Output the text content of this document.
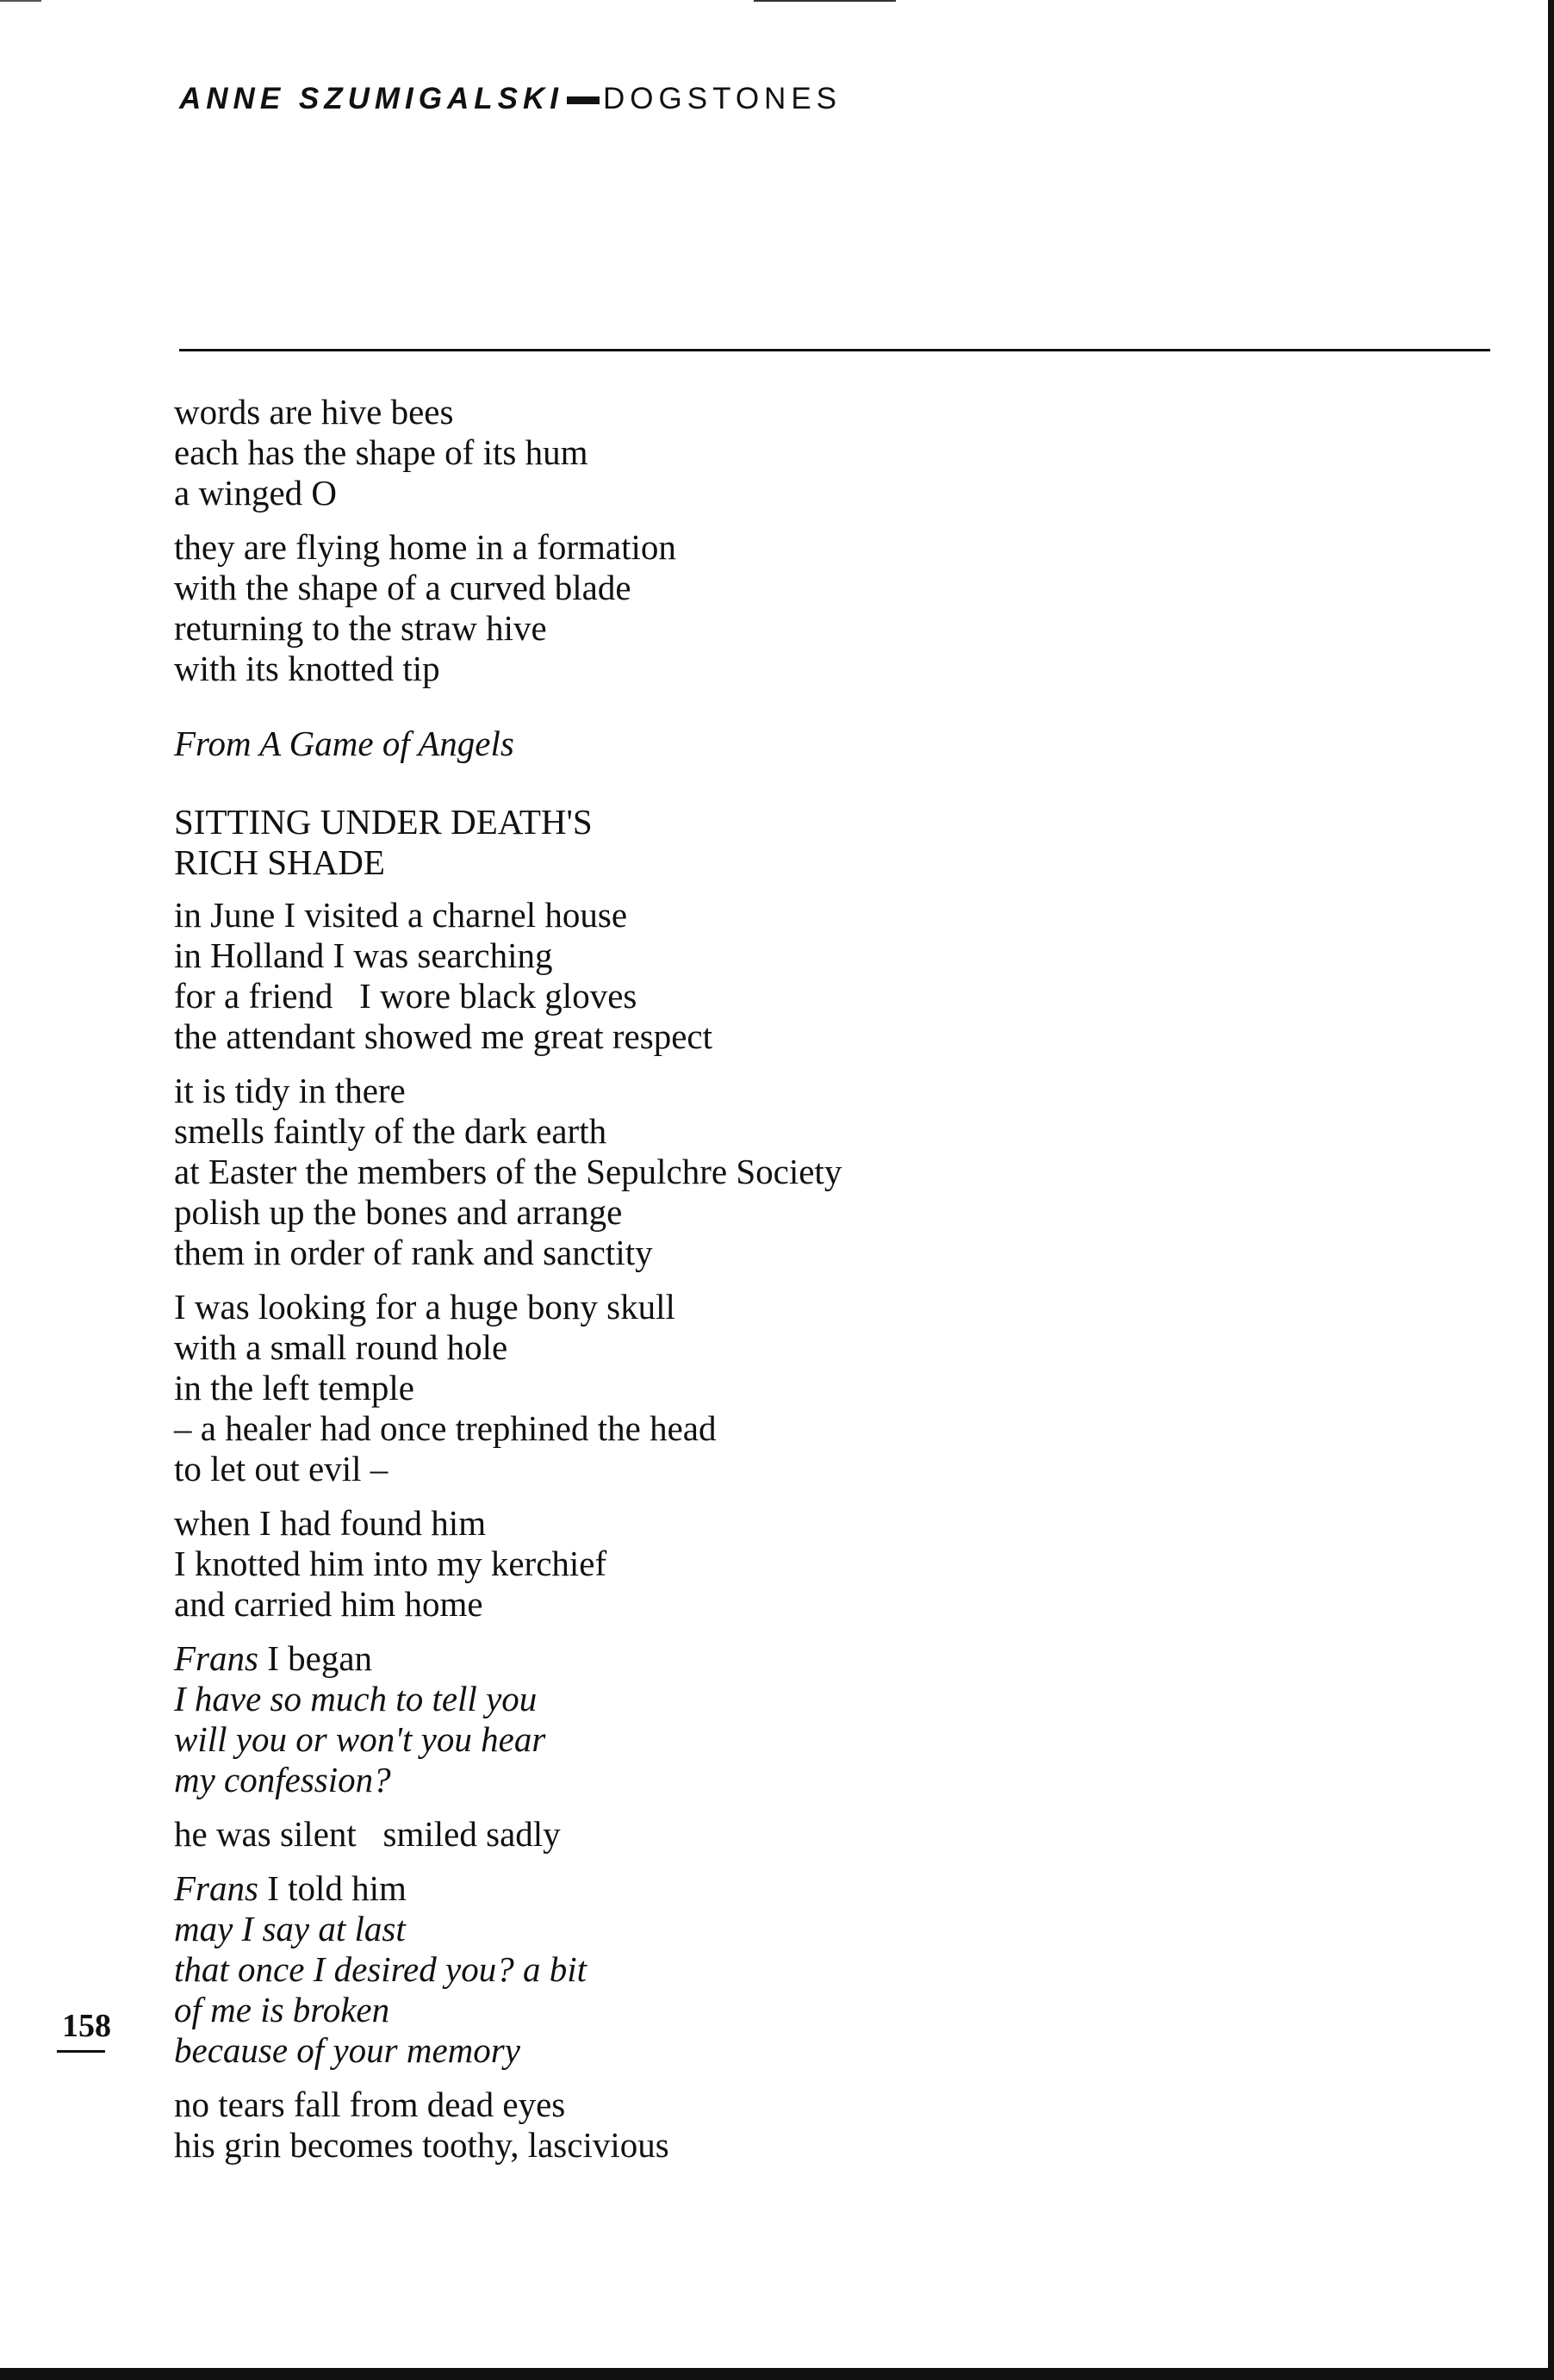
ANNE SZUMIGALSKI DOGSTONES
words are hive bees
each has the shape of its hum
a winged O
they are flying home in a formation
with the shape of a curved blade
returning to the straw hive
with its knotted tip
From A Game of Angels
SITTING UNDER DEATH'S
RICH SHADE
in June I visited a charnel house
in Holland I was searching
for a friend   I wore black gloves
the attendant showed me great respect
it is tidy in there
smells faintly of the dark earth
at Easter the members of the Sepulchre Society
polish up the bones and arrange
them in order of rank and sanctity
I was looking for a huge bony skull
with a small round hole
in the left temple
– a healer had once trephined the head
to let out evil –
when I had found him
I knotted him into my kerchief
and carried him home
Frans I began
I have so much to tell you
will you or won't you hear
my confession?
he was silent   smiled sadly
Frans I told him
may I say at last
that once I desired you? a bit
of me is broken
because of your memory
no tears fall from dead eyes
his grin becomes toothy, lascivious
158
